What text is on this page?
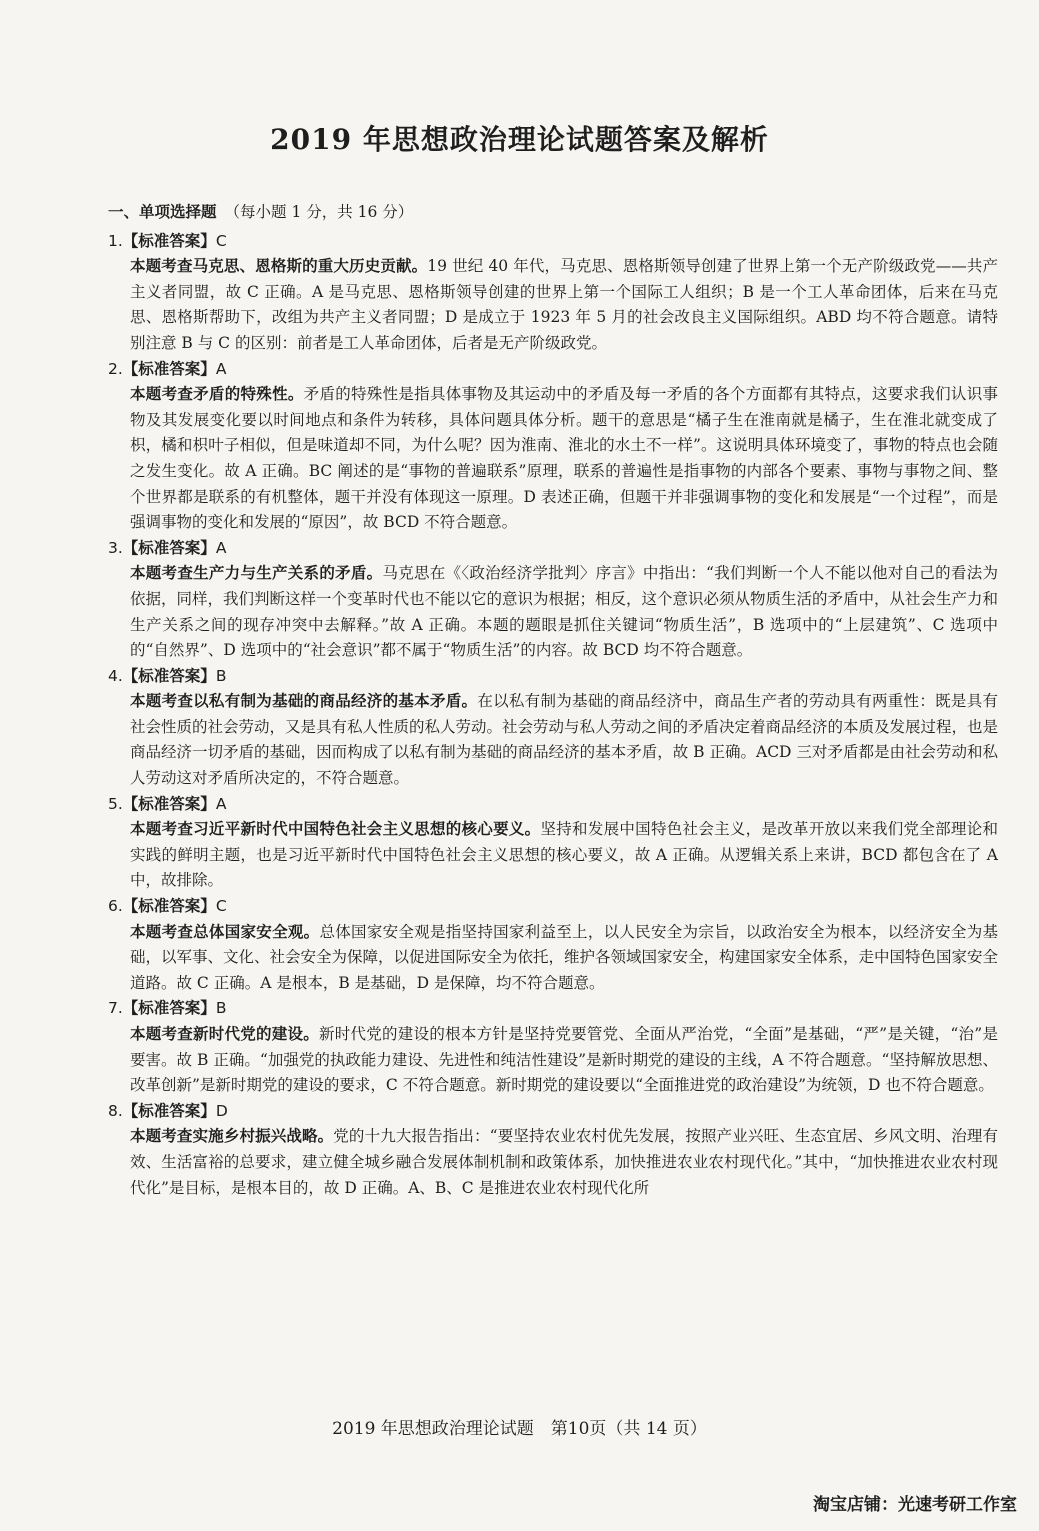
2019 年思想政治理论试题答案及解析
一、单项选择题 （每小题 1 分，共 16 分）
1.【标准答案】C
本题考查马克思、恩格斯的重大历史贡献。19 世纪 40 年代，马克思、恩格斯领导创建了世界上第一个无产阶级政党——共产主义者同盟，故 C 正确。A 是马克思、恩格斯领导创建的世界上第一个国际工人组织；B 是一个工人革命团体，后来在马克思、恩格斯帮助下，改组为共产主义者同盟；D 是成立于 1923 年 5 月的社会改良主义国际组织。ABD 均不符合题意。请特别注意 B 与 C 的区别：前者是工人革命团体，后者是无产阶级政党。
2.【标准答案】A
本题考查矛盾的特殊性。矛盾的特殊性是指具体事物及其运动中的矛盾及每一矛盾的各个方面都有其特点，这要求我们认识事物及其发展变化要以时间地点和条件为转移，具体问题具体分析。题干的意思是“橘子生在淮南就是橘子，生在淮北就变成了枳，橘和枳叶子相似，但是味道却不同，为什么呢？因为淮南、淮北的水土不一样”。这说明具体环境变了，事物的特点也会随之发生变化。故 A 正确。BC 阐述的是“事物的普遍联系”原理，联系的普遍性是指事物的内部各个要素、事物与事物之间、整个世界都是联系的有机整体，题干并没有体现这一原理。D 表述正确，但题干并非强调事物的变化和发展是“一个过程”，而是强调事物的变化和发展的“原因”，故 BCD 不符合题意。
3.【标准答案】A
本题考查生产力与生产关系的矛盾。马克思在《〈政治经济学批判〉序言》中指出：“我们判断一个人不能以他对自己的看法为依据，同样，我们判断这样一个变革时代也不能以它的意识为根据；相反，这个意识必须从物质生活的矛盾中，从社会生产力和生产关系之间的现存冲突中去解释。”故 A 正确。本题的题眼是抓住关键词“物质生活”，B 选项中的“上层建筑”、C 选项中的“自然界”、D 选项中的“社会意识”都不属于“物质生活”的内容。故 BCD 均不符合题意。
4.【标准答案】B
本题考查以私有制为基础的商品经济的基本矛盾。在以私有制为基础的商品经济中，商品生产者的劳动具有两重性：既是具有社会性质的社会劳动，又是具有私人性质的私人劳动。社会劳动与私人劳动之间的矛盾决定着商品经济的本质及发展过程，也是商品经济一切矛盾的基础，因而构成了以私有制为基础的商品经济的基本矛盾，故 B 正确。ACD 三对矛盾都是由社会劳动和私人劳动这对矛盾所决定的，不符合题意。
5.【标准答案】A
本题考查习近平新时代中国特色社会主义思想的核心要义。坚持和发展中国特色社会主义，是改革开放以来我们党全部理论和实践的鲜明主题，也是习近平新时代中国特色社会主义思想的核心要义，故 A 正确。从逻辑关系上来讲，BCD 都包含在了 A 中，故排除。
6.【标准答案】C
本题考查总体国家安全观。总体国家安全观是指坚持国家利益至上，以人民安全为宗旨，以政治安全为根本，以经济安全为基础，以军事、文化、社会安全为保障，以促进国际安全为依托，维护各领域国家安全，构建国家安全体系，走中国特色国家安全道路。故 C 正确。A 是根本，B 是基础，D 是保障，均不符合题意。
7.【标准答案】B
本题考查新时代党的建设。新时代党的建设的根本方针是坚持党要管党、全面从严治党，“全面”是基础，“严”是关键，“治”是要害。故 B 正确。“加强党的执政能力建设、先进性和纯洁性建设”是新时期党的建设的主线，A 不符合题意。“坚持解放思想、改革创新”是新时期党的建设的要求，C 不符合题意。新时期党的建设要以“全面推进党的政治建设”为统领，D 也不符合题意。
8.【标准答案】D
本题考查实施乡村振兴战略。党的十九大报告指出：“要坚持农业农村优先发展，按照产业兴旺、生态宜居、乡风文明、治理有效、生活富裕的总要求，建立健全城乡融合发展体制机制和政策体系，加快推进农业农村现代化。”其中，“加快推进农业农村现代化”是目标，是根本目的，故 D 正确。A、B、C 是推进农业农村现代化所
2019 年思想政治理论试题　第10页（共 14 页）
淘宝店铺：光速考研工作室
